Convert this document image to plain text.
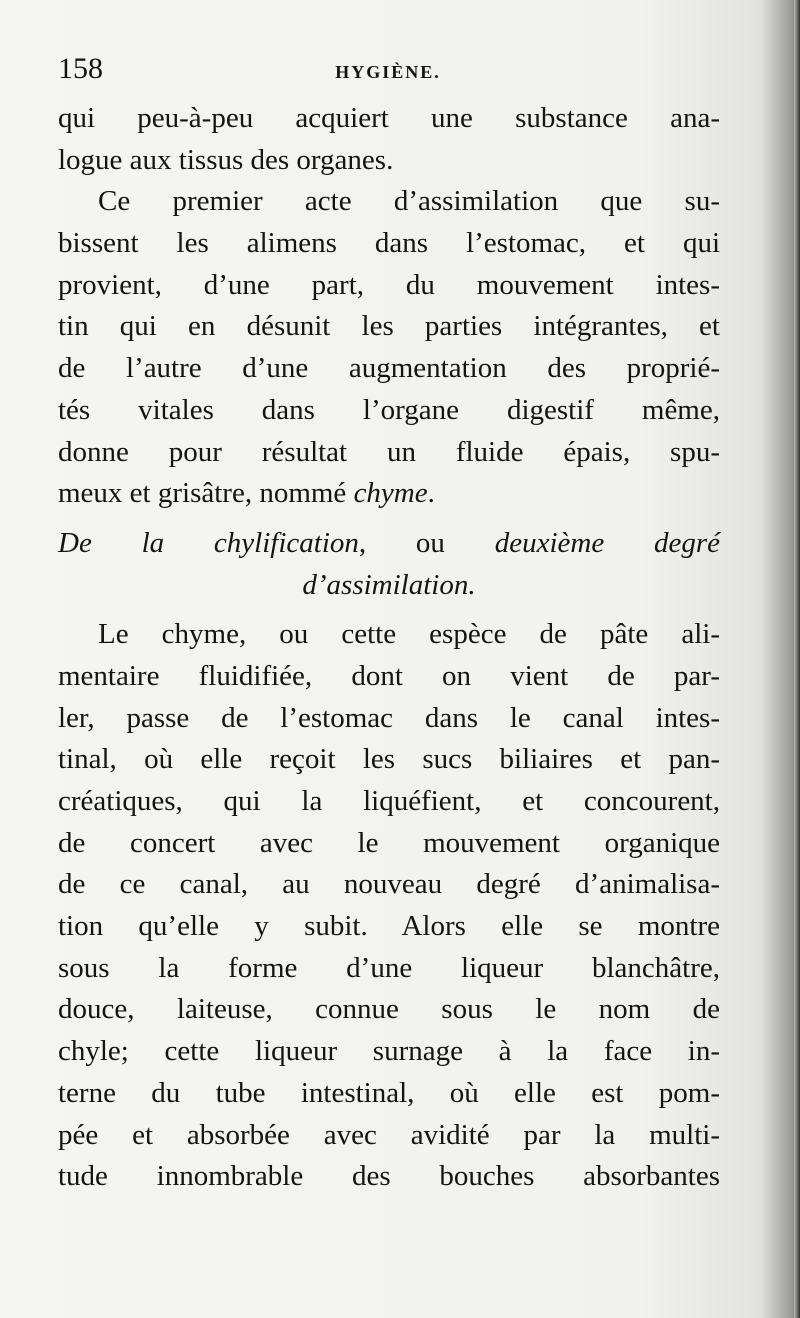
158	HYGIÈNE.
qui peu-à-peu acquiert une substance ana-
logue aux tissus des organes.
Ce premier acte d’assimilation que su-
bissent les alimens dans l’estomac, et qui
provient, d’une part, du mouvement intes-
tin qui en désunit les parties intégrantes, et
de l’autre d’une augmentation des proprié-
tés vitales dans l’organe digestif même,
donne pour résultat un fluide épais, spu-
meux et grisâtre, nommé chyme.
De la chylification, ou deuxième degré
d’assimilation.
Le chyme, ou cette espèce de pâte ali-
mentaire fluidifiée, dont on vient de par-
ler, passe de l’estomac dans le canal intes-
tinal, où elle reçoit les sucs biliaires et pan-
créatiques, qui la liquéfient, et concourent,
de concert avec le mouvement organique
de ce canal, au nouveau degré d’animalisa-
tion qu’elle y subit. Alors elle se montre
sous la forme d’une liqueur blanchâtre,
douce, laiteuse, connue sous le nom de
chyle; cette liqueur surnage à la face in-
terne du tube intestinal, où elle est pom-
pée et absorbée avec avidité par la multi-
tude innombrable des bouches absorbantes
